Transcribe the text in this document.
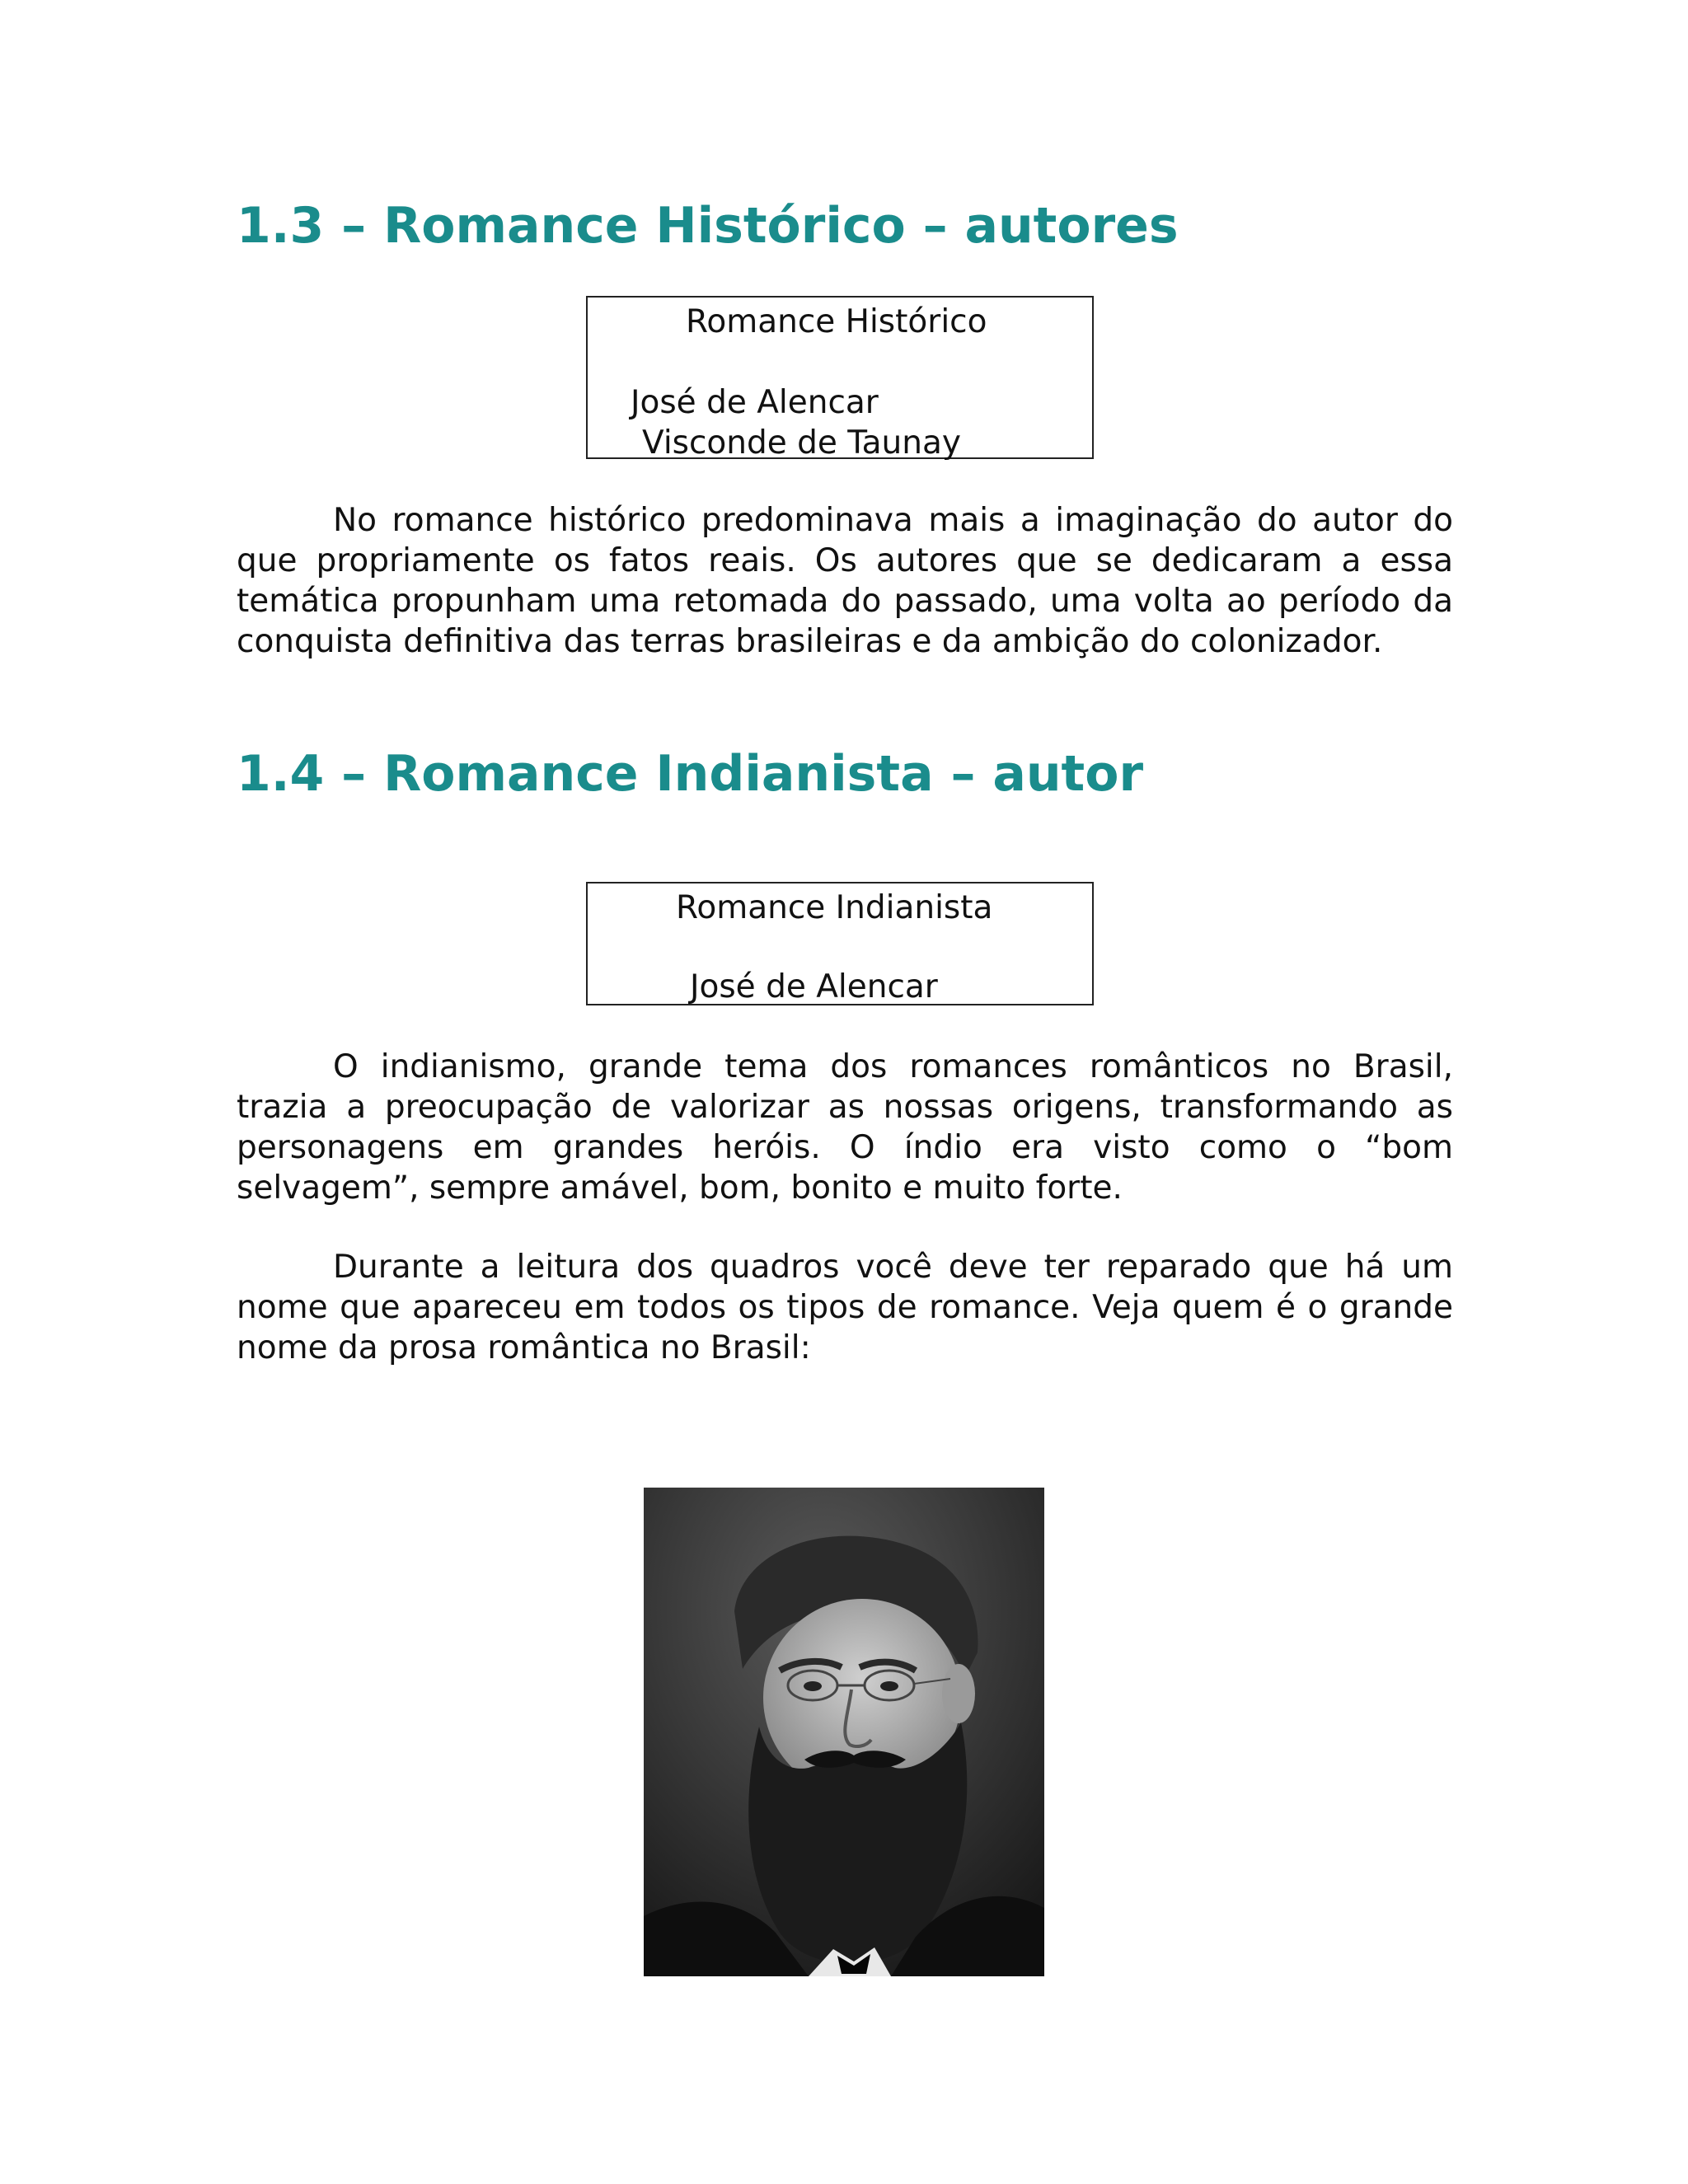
1.3 – Romance Histórico – autores
Romance Histórico
José de Alencar
Visconde de Taunay

No romance histórico predominava mais a imaginação do autor do que propriamente os fatos reais. Os autores que se dedicaram a essa temática propunham uma retomada do passado, uma volta ao período da conquista definitiva das terras brasileiras e da ambição do colonizador.

1.4 – Romance Indianista – autor
Romance Indianista
José de Alencar

O indianismo, grande tema dos romances românticos no Brasil, trazia a preocupação de valorizar as nossas origens, transformando as personagens em grandes heróis. O índio era visto como o “bom selvagem”, sempre amável, bom, bonito e muito forte.

Durante a leitura dos quadros você deve ter reparado que há um nome que apareceu em todos os tipos de romance. Veja quem é o grande nome da prosa romântica no Brasil:
